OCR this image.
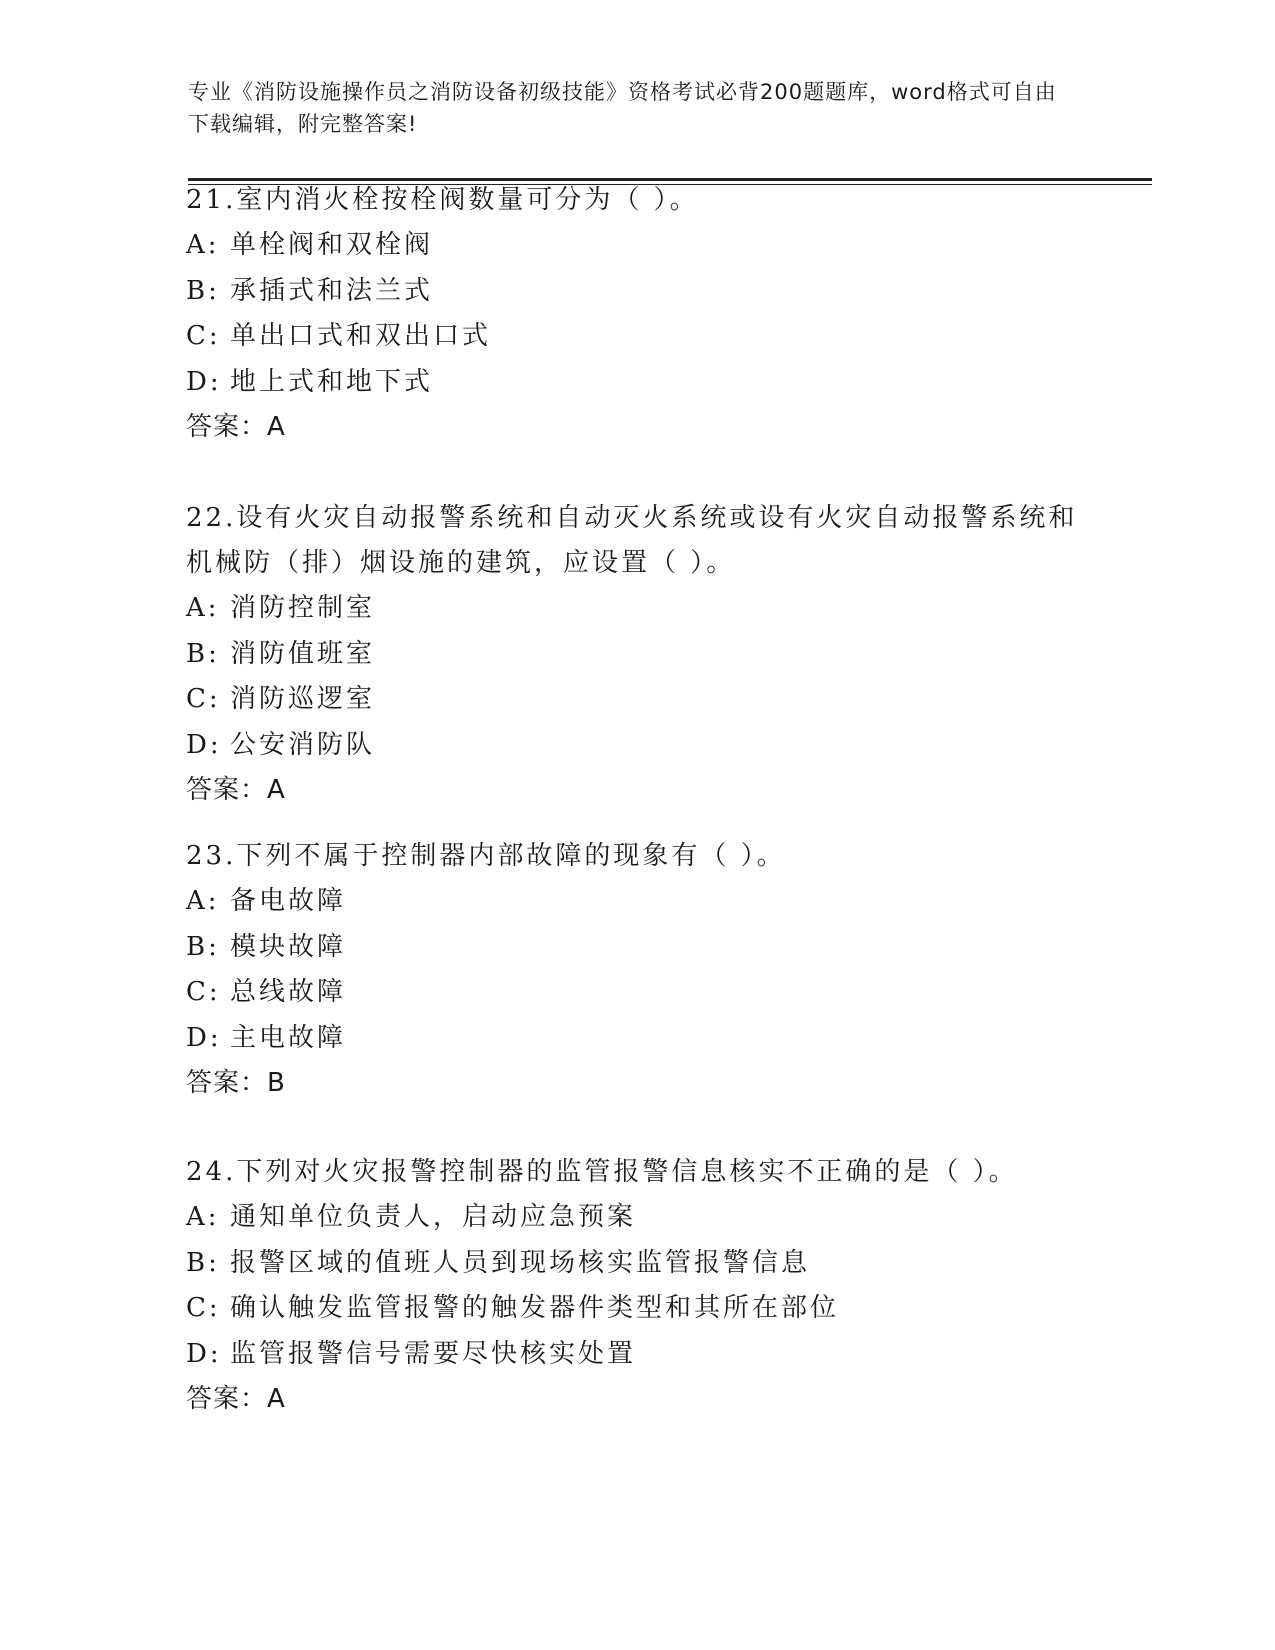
专业《消防设施操作员之消防设备初级技能》资格考试必背200题题库，word格式可自由下载编辑，附完整答案!

21.室内消火栓按栓阀数量可分为（ ）。

A: 单栓阀和双栓阀
B: 承插式和法兰式
C: 单出口式和双出口式
D: 地上式和地下式

答案：A

22.设有火灾自动报警系统和自动灭火系统或设有火灾自动报警系统和机械防（排）烟设施的建筑，应设置（ ）。

A: 消防控制室
B: 消防值班室
C: 消防巡逻室
D: 公安消防队

答案：A

23.下列不属于控制器内部故障的现象有（ ）。

A: 备电故障
B: 模块故障
C: 总线故障
D: 主电故障

答案：B

24.下列对火灾报警控制器的监管报警信息核实不正确的是（ ）。

A: 通知单位负责人，启动应急预案
B: 报警区域的值班人员到现场核实监管报警信息
C: 确认触发监管报警的触发器件类型和其所在部位
D: 监管报警信号需要尽快核实处置

答案：A
